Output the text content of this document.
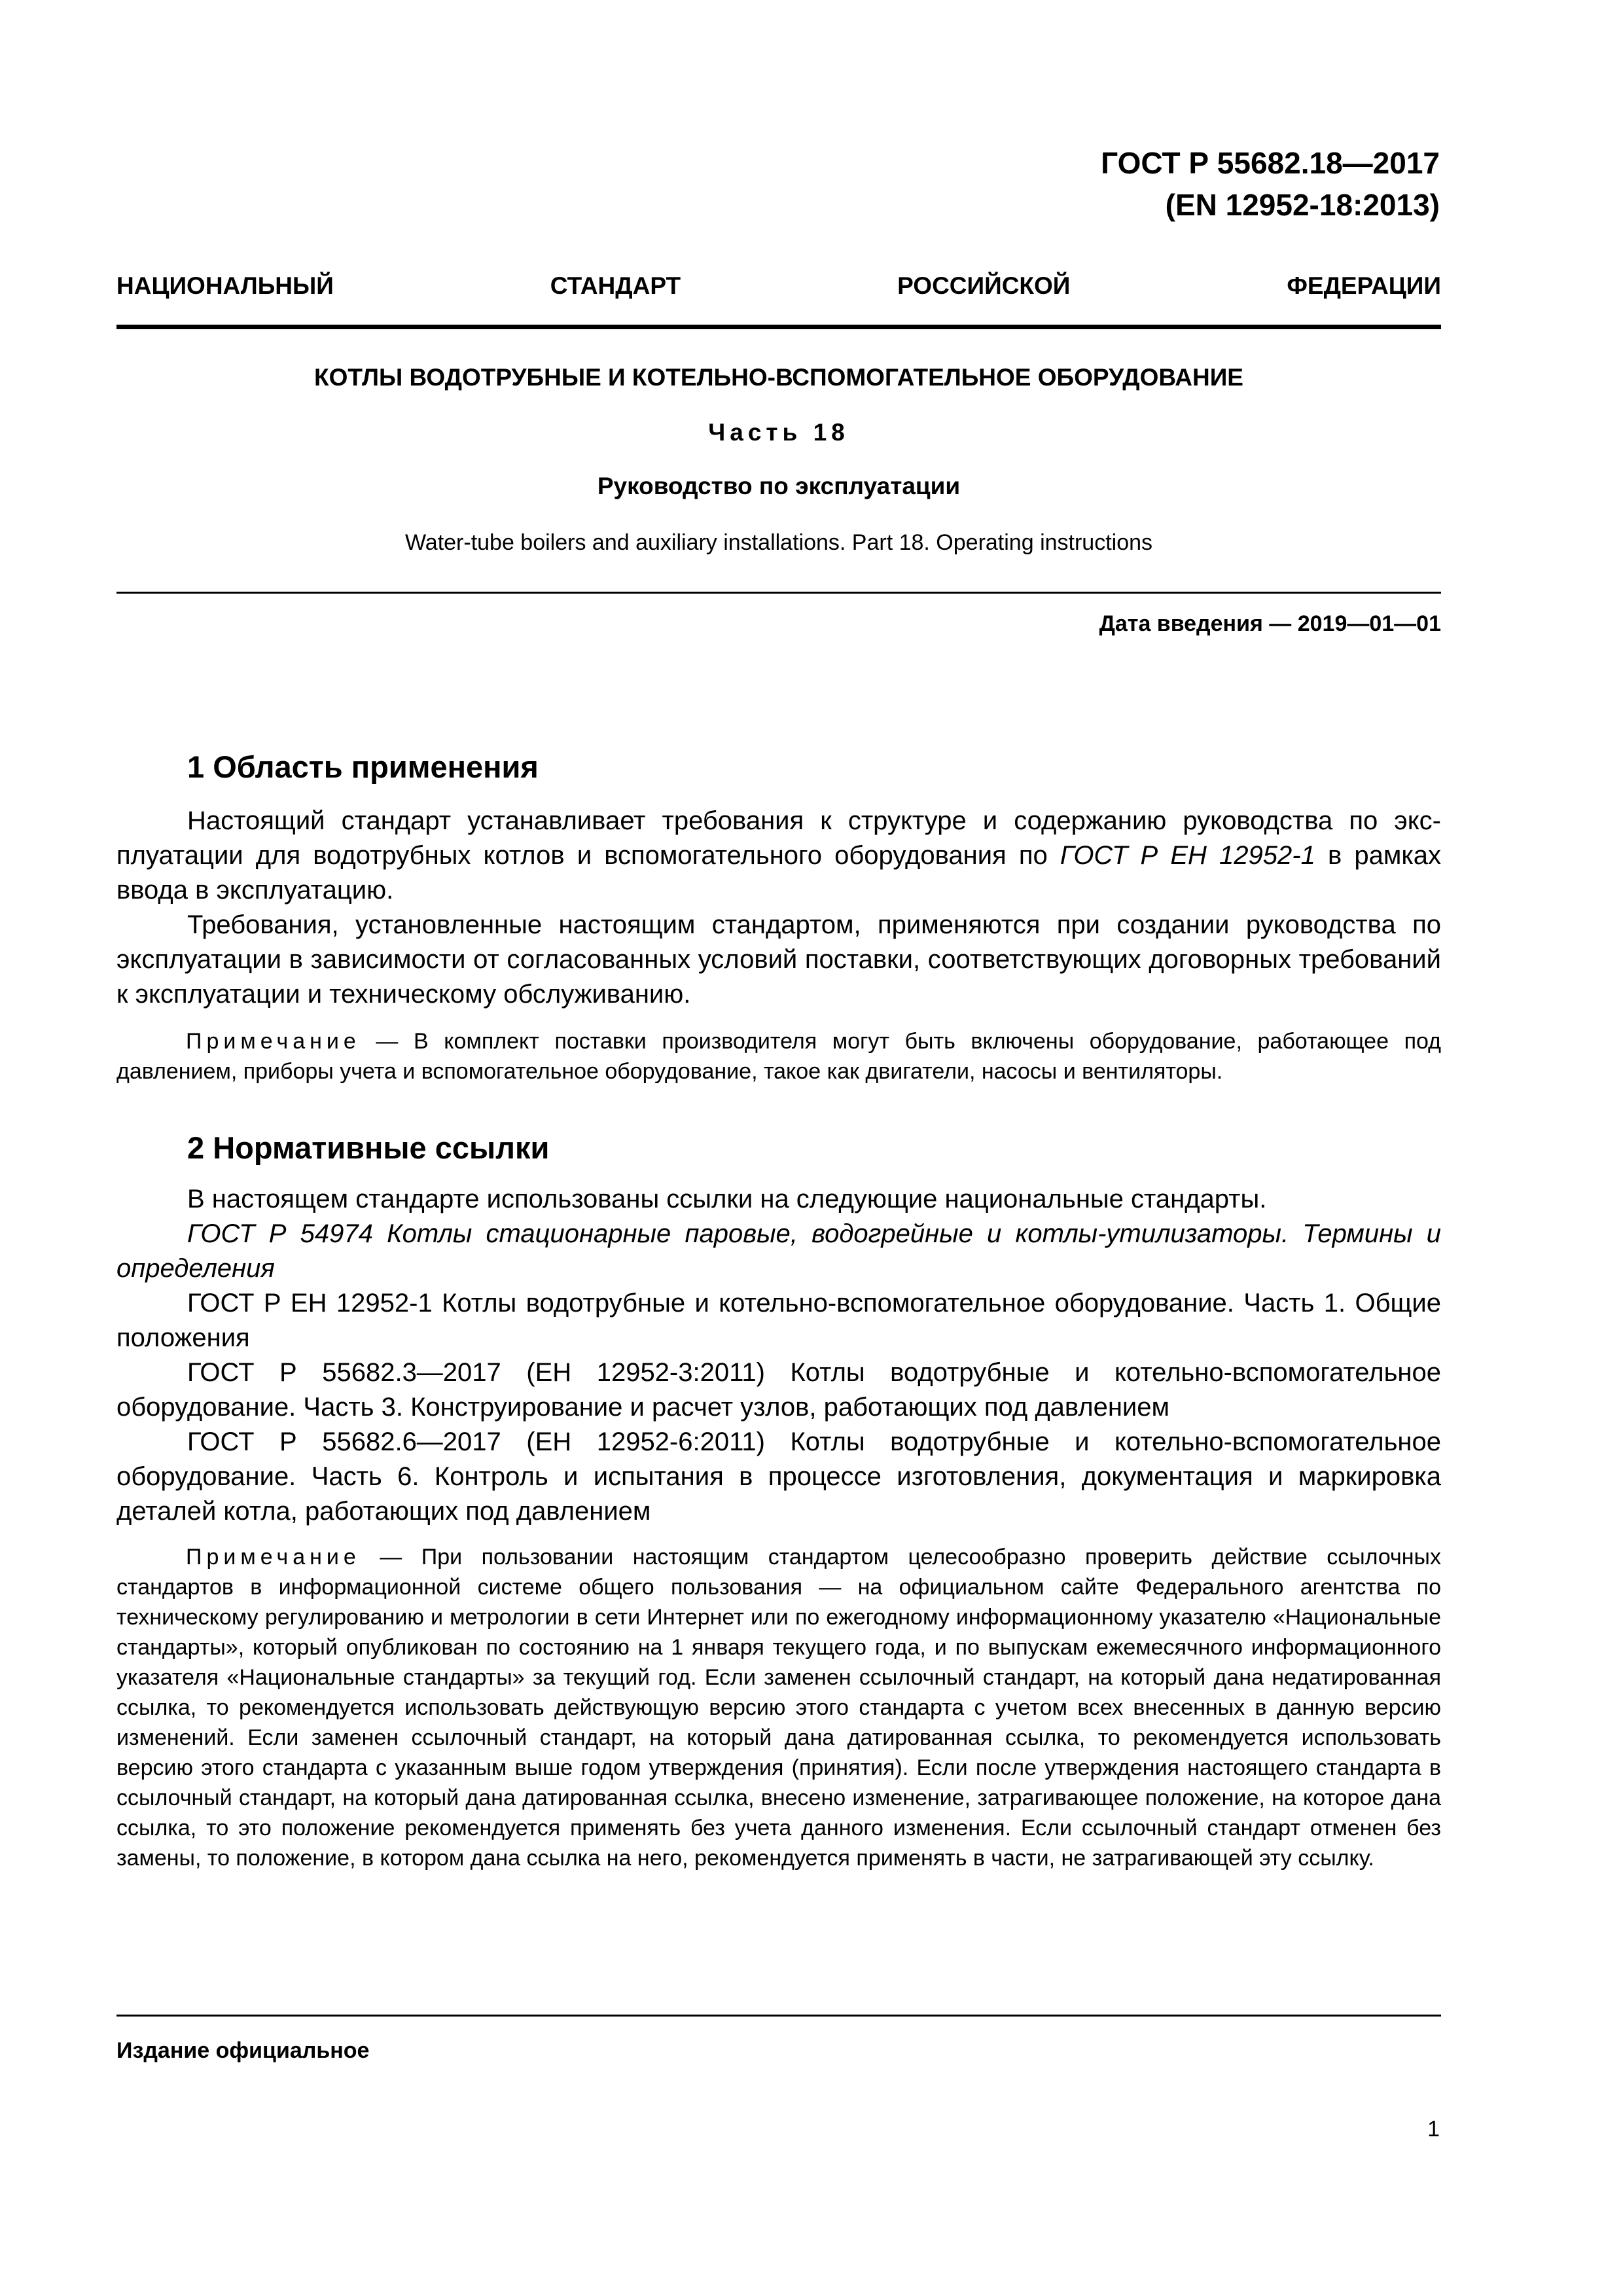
ГОСТ Р 55682.18—2017
(EN 12952-18:2013)
НАЦИОНАЛЬНЫЙ	СТАНДАРТ	РОССИЙСКОЙ	ФЕДЕРАЦИИ
КОТЛЫ ВОДОТРУБНЫЕ И КОТЕЛЬНО-ВСПОМОГАТЕЛЬНОЕ ОБОРУДОВАНИЕ
Часть 18
Руководство по эксплуатации
Water-tube boilers and auxiliary installations. Part 18. Operating instructions
Дата введения — 2019—01—01
1 Область применения

Настоящий стандарт устанавливает требования к структуре и содержанию руководства по эксплуатации для водотрубных котлов и вспомогательного оборудования по ГОСТ Р ЕН 12952-1 в рамках ввода в эксплуатацию.

Требования, установленные настоящим стандартом, применяются при создании руководства по эксплуатации в зависимости от согласованных условий поставки, соответствующих договорных требований к эксплуатации и техническому обслуживанию.

Примечание — В комплект поставки производителя могут быть включены оборудование, работающее под давлением, приборы учета и вспомогательное оборудование, такое как двигатели, насосы и вентиляторы.

2 Нормативные ссылки

В настоящем стандарте использованы ссылки на следующие национальные стандарты.

ГОСТ Р 54974 Котлы стационарные паровые, водогрейные и котлы-утилизаторы. Термины и определения

ГОСТ Р ЕН 12952-1 Котлы водотрубные и котельно-вспомогательное оборудование. Часть 1. Общие положения

ГОСТ Р 55682.3—2017 (ЕН 12952-3:2011) Котлы водотрубные и котельно-вспомогательное оборудование. Часть 3. Конструирование и расчет узлов, работающих под давлением

ГОСТ Р 55682.6—2017 (ЕН 12952-6:2011) Котлы водотрубные и котельно-вспомогательное оборудование. Часть 6. Контроль и испытания в процессе изготовления, документация и маркировка деталей котла, работающих под давлением

Примечание — При пользовании настоящим стандартом целесообразно проверить действие ссылочных стандартов в информационной системе общего пользования — на официальном сайте Федерального агентства по техническому регулированию и метрологии в сети Интернет или по ежегодному информационному указателю «Национальные стандарты», который опубликован по состоянию на 1 января текущего года, и по выпускам ежемесячного информационного указателя «Национальные стандарты» за текущий год. Если заменен ссылочный стандарт, на который дана недатированная ссылка, то рекомендуется использовать действующую версию этого стандарта с учетом всех внесенных в данную версию изменений. Если заменен ссылочный стандарт, на который дана датированная ссылка, то рекомендуется использовать версию этого стандарта с указанным выше годом утверждения (принятия). Если после утверждения настоящего стандарта в ссылочный стандарт, на который дана датированная ссылка, внесено изменение, затрагивающее положение, на которое дана ссылка, то это положение рекомендуется применять без учета данного изменения. Если ссылочный стандарт отменен без замены, то положение, в котором дана ссылка на него, рекомендуется применять в части, не затрагивающей эту ссылку.

Издание официальное
1
